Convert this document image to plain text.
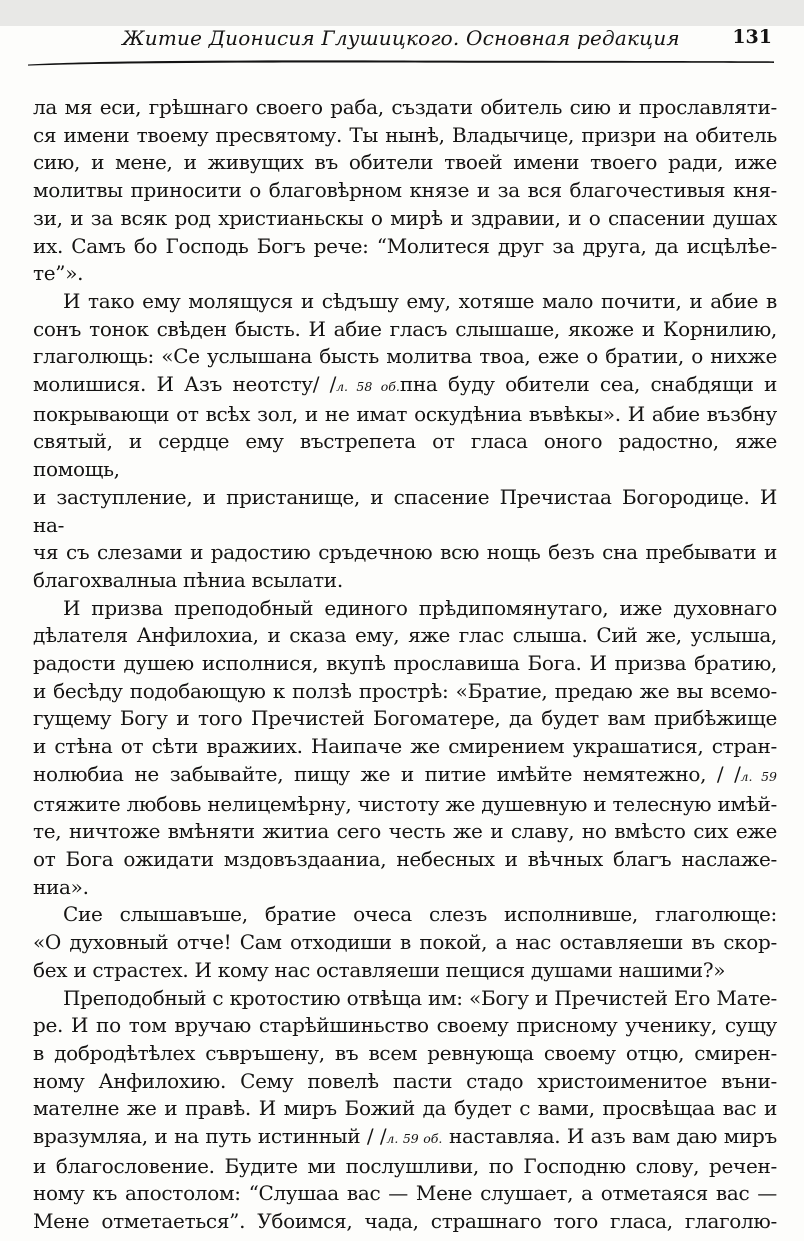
Житие Дионисия Глушицкого. Основная редакция	131
ла мя еси, грѣшнаго своего раба, създати обитель сию и прославляти-
ся имени твоему пресвятому. Ты нынѣ, Владычице, призри на обитель
сию, и мене, и живущих въ обители твоей имени твоего ради, иже
молитвы приносити о благовѣрном князе и за вся благочестивыя кня-
зи, и за всяк род христианьскы о мирѣ и здравии, и о спасении душах
их. Самъ бо Господь Богъ рече: “Молитеся друг за друга, да исцѣлѣе-
те”».
И тако ему молящуся и сѣдъшу ему, хотяше мало почити, и абие в
сонъ тонок свѣден бысть. И абие гласъ слышаше, якоже и Корнилию,
глаголющь: «Се услышана бысть молитва твоа, еже о братии, о нихже
молишися. И Азъ неотсту/ /л. 58 об.пна буду обители сеа, снабдящи и
покрывающи от всѣх зол, и не имат оскудѣниа въвѣкы». И абие възбну
святый, и сердце ему въстрепета от гласа оного радостно, яже помощь,
и заступление, и пристанище, и спасение Пречистаа Богородице. И на-
чя съ слезами и радостию сръдечною всю нощь безъ сна пребывати и
благохвалныа пѣниа всылати.
И призва преподобный единого прѣдипомянутаго, иже духовнаго
дѣлателя Анфилохиа, и сказа ему, яже глас слыша. Сий же, услыша,
радости душею исполнися, вкупѣ прославиша Бога. И призва братию,
и бесѣду подобающую к ползѣ прострѣ: «Братие, предаю же вы всемо-
гущему Богу и того Пречистей Богоматере, да будет вам прибѣжище
и стѣна от сѣти вражиих. Наипаче же смирением украшатися, стран-
нолюбиа не забывайте, пищу же и питие имѣйте немятежно, / /л. 59
стяжите любовь нелицемѣрну, чистоту же душевную и телесную имѣй-
те, ничтоже вмѣняти житиа сего честь же и славу, но вмѣсто сих еже
от Бога ожидати мздовъздааниа, небесных и вѣчных благъ наслаже-
ниа».
Сие слышавъше, братие очеса слезъ исполнивше, глаголюще:
«О духовный отче! Сам отходиши в покой, а нас оставляеши въ скор-
бех и страстех. И кому нас оставляеши пещися душами нашими?»
Преподобный с кротостию отвѣща им: «Богу и Пречистей Его Мате-
ре. И по том вручаю старѣйшиньство своему присному ученику, сущу
в добродѣтѣлех съвръшену, въ всем ревнующа своему отцю, смирен-
ному Анфилохию. Сему повелѣ пасти стадо христоименитое въни-
мателне же и правѣ. И миръ Божий да будет с вами, просвѣщаа вас и
вразумляа, и на путь истинный / /л. 59 об. наставляа. И азъ вам даю миръ
и благословение. Будите ми послушливи, по Господню слову, речен-
ному къ апостолом: “Слушаа вас — Мене слушает, а отметаяся вас —
Мене отметаеться”. Убоимся, чада, страшнаго того гласа, глаголю-
